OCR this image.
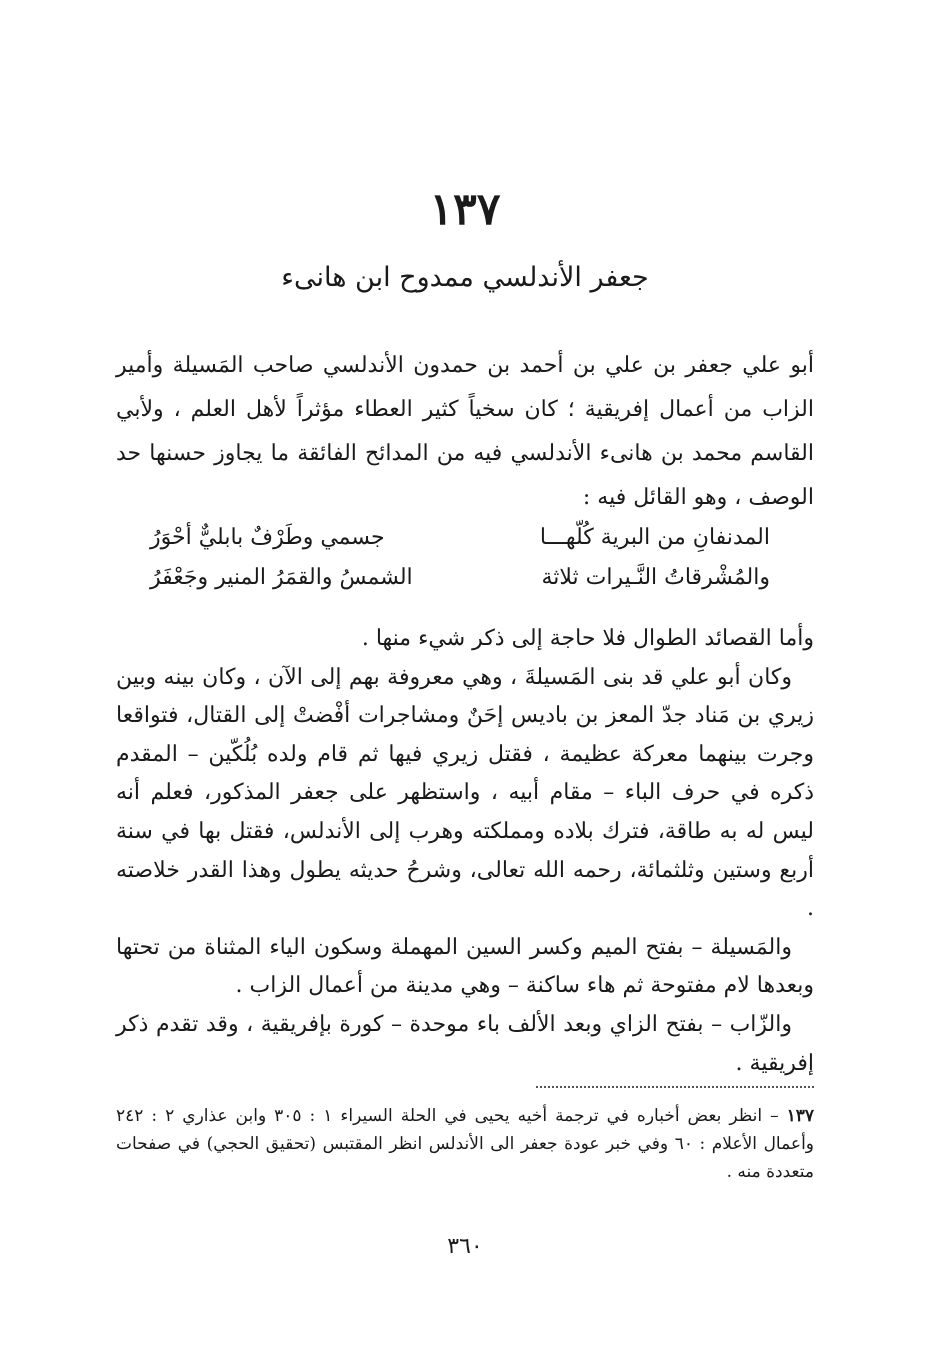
١٣٧
جعفر الأندلسي ممدوح ابن هانىء

أبو علي جعفر بن علي بن أحمد بن حمدون الأندلسي صاحب المَسيلة وأمير الزاب من أعمال إفريقية ؛ كان سخياً كثير العطاء مؤثراً لأهل العلم ، ولأبي القاسم محمد بن هانىء الأندلسي فيه من المدائح الفائقة ما يجاوز حسنها حد الوصف ، وهو القائل فيه :

المدنفانِ من البرية كُلّهـــا
جسمي وطَرْفٌ بابليٌّ أحْوَرُ
والمُشْرقاتُ النَّـيرات ثلاثة
الشمسُ والقمَرُ المنير وجَعْفَرُ

وأما القصائد الطوال فلا حاجة إلى ذكر شيء منها .

وكان أبو علي قد بنى المَسيلةَ ، وهي معروفة بهم إلى الآن ، وكان بينه وبين زيري بن مَناد جدّ المعز بن باديس إحَنٌ ومشاجرات أفْضتْ إلى القتال، فتواقعا وجرت بينهما معركة عظيمة ، فقتل زيري فيها ثم قام ولده بُلُكّين – المقدم ذكره في حرف الباء – مقام أبيه ، واستظهر على جعفر المذكور، فعلم أنه ليس له به طاقة، فترك بلاده ومملكته وهرب إلى الأندلس، فقتل بها في سنة أربع وستين وثلثمائة، رحمه الله تعالى، وشرحُ حديثه يطول وهذا القدر خلاصته .

والمَسيلة – بفتح الميم وكسر السين المهملة وسكون الياء المثناة من تحتها وبعدها لام مفتوحة ثم هاء ساكنة – وهي مدينة من أعمال الزاب .

والزّاب – بفتح الزاي وبعد الألف باء موحدة – كورة بإفريقية ، وقد تقدم ذكر إفريقية .

١٣٧ – انظر بعض أخباره في ترجمة أخيه يحيى في الحلة السيراء ١ : ٣٠٥ وابن عذاري ٢ : ٢٤٢ وأعمال الأعلام : ٦٠ وفي خبر عودة جعفر الى الأندلس انظر المقتبس (تحقيق الحجي) في صفحات متعددة منه .
٣٦٠
